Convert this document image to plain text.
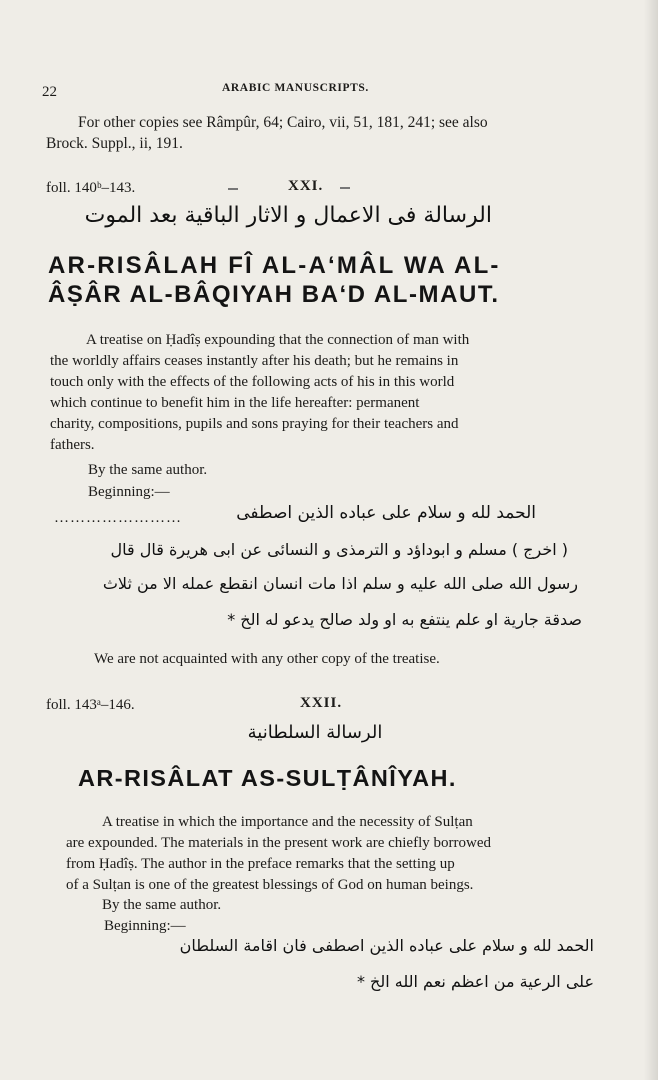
22	ARABIC MANUSCRIPTS.
For other copies see Râmpûr, 64; Cairo, vii, 51, 181, 241; see also
Brock. Suppl., ii, 191.
foll. 140ᵇ–143.	XXI.
الرسالة فى الاعمال و الاثار الباقية بعد الموت
AR-RISÂLAH FÎ AL-A‘MÂL WA AL-
ÂṢÂR AL-BÂQIYAH BA‘D AL-MAUT.
A treatise on Ḥadîṣ expounding that the connection of man with
the worldly affairs ceases instantly after his death; but he remains in
touch only with the effects of the following acts of his in this world
which continue to benefit him in the life hereafter: permanent
charity, compositions, pupils and sons praying for their teachers and
fathers.
By the same author.
Beginning:—
الحمد لله و سلام على عباده الذين اصطفى
……………………
( اخرج ) مسلم و ابوداؤد و الترمذى و النسائى عن ابى هريرة قال قال
رسول الله صلى الله عليه و سلم اذا مات انسان انقطع عمله الا من ثلاث
صدقة جارية او علم ينتفع به او ولد صالح يدعو له الخ *
We are not acquainted with any other copy of the treatise.
foll. 143ᵃ–146.	XXII.
الرسالة السلطانية
AR-RISÂLAT AS-SULṬÂNÎYAH.
A treatise in which the importance and the necessity of Sulṭan
are expounded. The materials in the present work are chiefly borrowed
from Ḥadîṣ. The author in the preface remarks that the setting up
of a Sulṭan is one of the greatest blessings of God on human beings.
By the same author.
Beginning:—
الحمد لله و سلام على عباده الذين اصطفى فان اقامة السلطان
على الرعية من اعظم نعم الله الخ *
